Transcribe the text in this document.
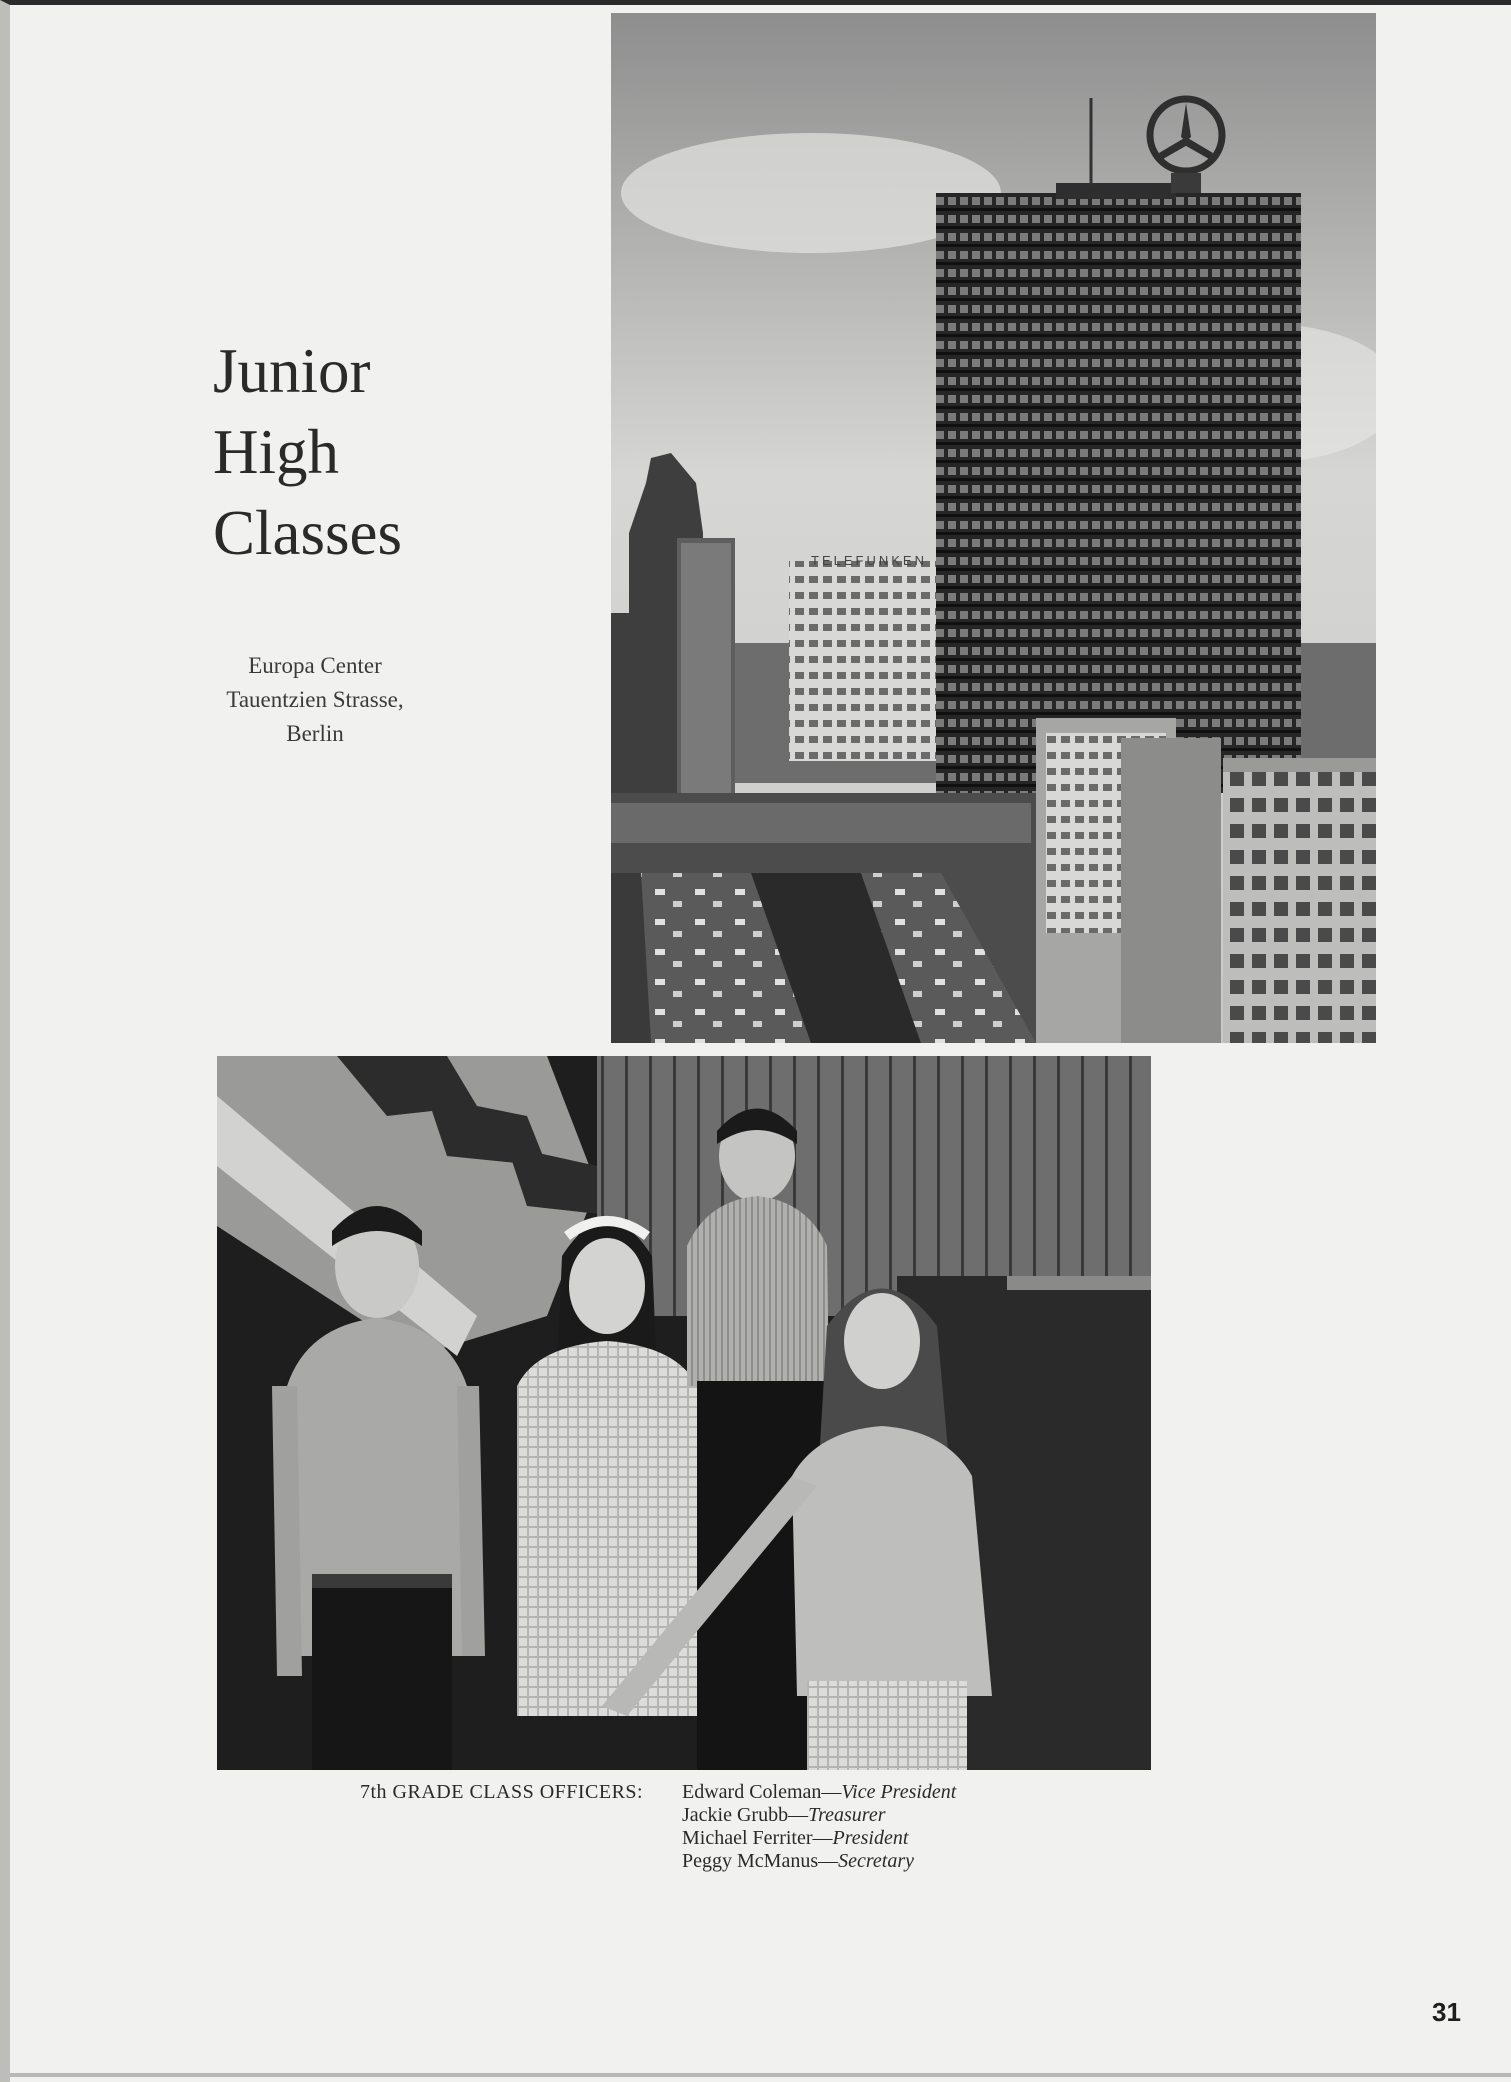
Junior
High
Classes
Europa Center
Tauentzien Strasse,
Berlin
TELEFUNKEN
7th GRADE CLASS OFFICERS: Edward Coleman—Vice President
Jackie Grubb—Treasurer
Michael Ferriter—President
Peggy McManus—Secretary
31
